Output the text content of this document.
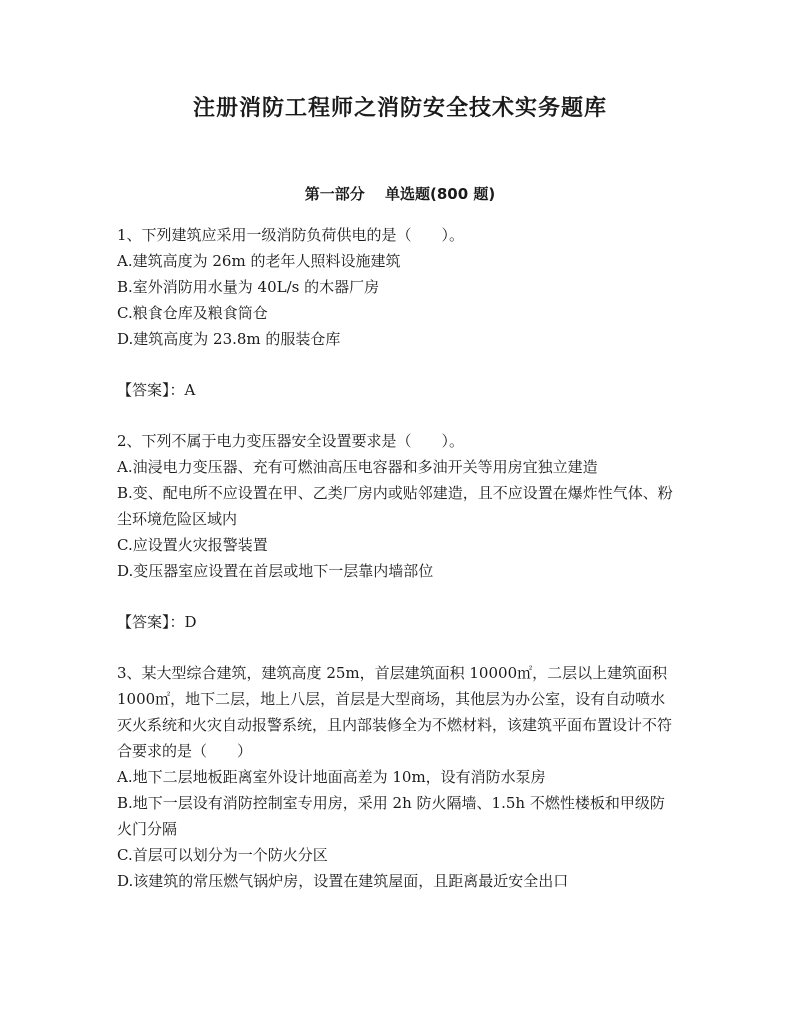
注册消防工程师之消防安全技术实务题库
第一部分　 单选题(800 题)
1、下列建筑应采用一级消防负荷供电的是（　　）。
A.建筑高度为 26m 的老年人照料设施建筑
B.室外消防用水量为 40L/s 的木器厂房
C.粮食仓库及粮食筒仓
D.建筑高度为 23.8m 的服装仓库
【答案】：A
2、下列不属于电力变压器安全设置要求是（　　）。
A.油浸电力变压器、充有可燃油高压电容器和多油开关等用房宜独立建造
B.变、配电所不应设置在甲、乙类厂房内或贴邻建造，且不应设置在爆炸性气体、粉尘环境危险区域内
C.应设置火灾报警装置
D.变压器室应设置在首层或地下一层靠内墙部位
【答案】：D
3、某大型综合建筑，建筑高度 25m，首层建筑面积 10000㎡，二层以上建筑面积 1000㎡，地下二层，地上八层，首层是大型商场，其他层为办公室，设有自动喷水灭火系统和火灾自动报警系统，且内部装修全为不燃材料，该建筑平面布置设计不符合要求的是（　　）
A.地下二层地板距离室外设计地面高差为 10m，设有消防水泵房
B.地下一层设有消防控制室专用房，采用 2h 防火隔墙、1.5h 不燃性楼板和甲级防火门分隔
C.首层可以划分为一个防火分区
D.该建筑的常压燃气锅炉房，设置在建筑屋面，且距离最近安全出口
